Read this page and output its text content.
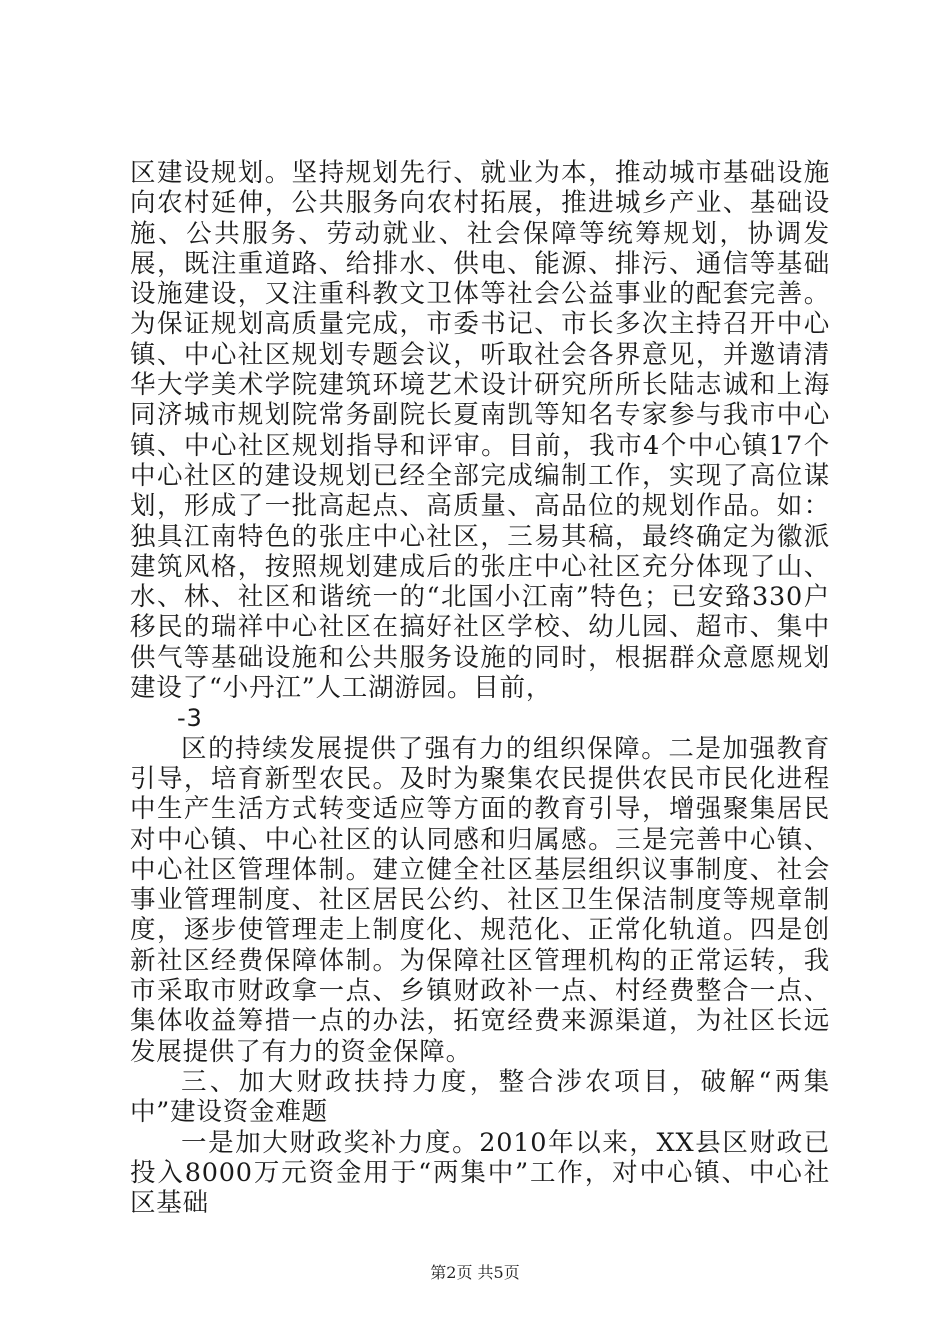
区建设规划。坚持规划先行、就业为本，推动城市基础设施向农村延伸，公共服务向农村拓展，推进城乡产业、基础设施、公共服务、劳动就业、社会保障等统筹规划，协调发展，既注重道路、给排水、供电、能源、排污、通信等基础设施建设，又注重科教文卫体等社会公益事业的配套完善。为保证规划高质量完成，市委书记、市长多次主持召开中心镇、中心社区规划专题会议，听取社会各界意见，并邀请清华大学美术学院建筑环境艺术设计研究所所长陆志诚和上海同济城市规划院常务副院长夏南凯等知名专家参与我市中心镇、中心社区规划指导和评审。目前，我市4个中心镇17个中心社区的建设规划已经全部完成编制工作，实现了高位谋划，形成了一批高起点、高质量、高品位的规划作品。如：独具江南特色的张庄中心社区，三易其稿，最终确定为徽派建筑风格，按照规划建成后的张庄中心社区充分体现了山、水、林、社区和谐统一的“北国小江南”特色；已安臵330户移民的瑞祥中心社区在搞好社区学校、幼儿园、超市、集中供气等基础设施和公共服务设施的同时，根据群众意愿规划建设了“小丹江”人工湖游园。目前，

-3

区的持续发展提供了强有力的组织保障。二是加强教育引导，培育新型农民。及时为聚集农民提供农民市民化进程中生产生活方式转变适应等方面的教育引导，增强聚集居民对中心镇、中心社区的认同感和归属感。三是完善中心镇、中心社区管理体制。建立健全社区基层组织议事制度、社会事业管理制度、社区居民公约、社区卫生保洁制度等规章制度，逐步使管理走上制度化、规范化、正常化轨道。四是创新社区经费保障体制。为保障社区管理机构的正常运转，我市采取市财政拿一点、乡镇财政补一点、村经费整合一点、集体收益筹措一点的办法，拓宽经费来源渠道，为社区长远发展提供了有力的资金保障。

三、加大财政扶持力度，整合涉农项目，破解“两集中”建设资金难题

一是加大财政奖补力度。2010年以来，XX县区财政已投入8000万元资金用于“两集中”工作，对中心镇、中心社区基础

第2页 共5页
